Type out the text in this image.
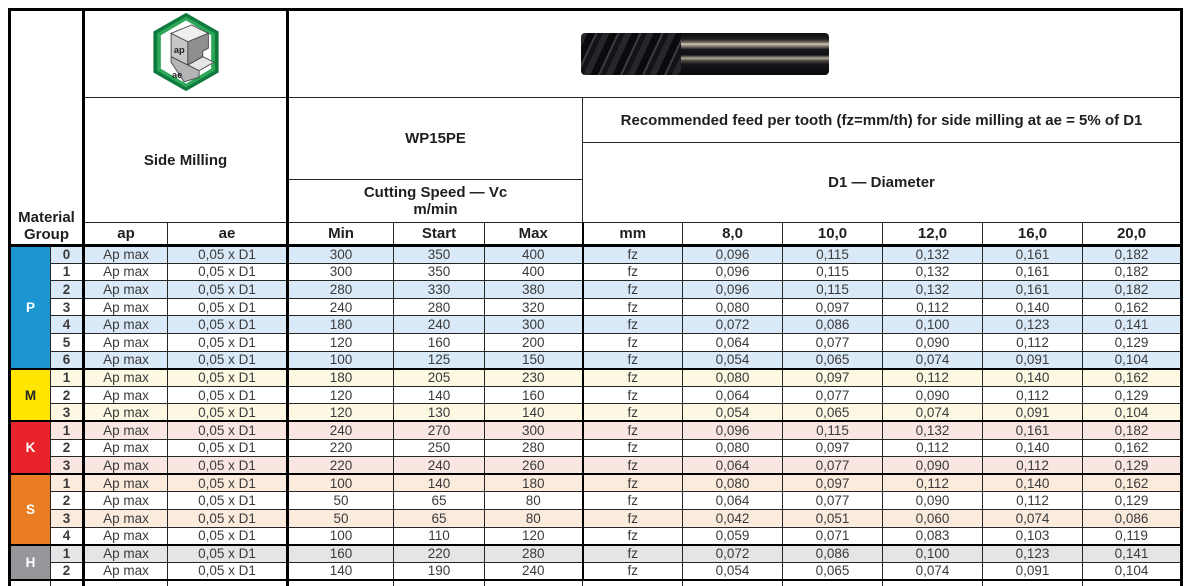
Material
Group

ap
ae

		Side Milling		WP15PE			Recommended feed per tooth (fz=mm/th) for side milling at ae = 5% of D1					
							D1 — Diameter					

				Cutting Speed — Vc
m/min								

		ap	ae	Min	Start	Max	mm	8,0	10,0	12,0	16,0	20,0
P	0	Ap max	0,05 x D1	300	350	400	fz	0,096	0,115	0,132	0,161	0,182
	1	Ap max	0,05 x D1	300	350	400	fz	0,096	0,115	0,132	0,161	0,182
	2	Ap max	0,05 x D1	280	330	380	fz	0,096	0,115	0,132	0,161	0,182
	3	Ap max	0,05 x D1	240	280	320	fz	0,080	0,097	0,112	0,140	0,162
	4	Ap max	0,05 x D1	180	240	300	fz	0,072	0,086	0,100	0,123	0,141
	5	Ap max	0,05 x D1	120	160	200	fz	0,064	0,077	0,090	0,112	0,129
	6	Ap max	0,05 x D1	100	125	150	fz	0,054	0,065	0,074	0,091	0,104
M	1	Ap max	0,05 x D1	180	205	230	fz	0,080	0,097	0,112	0,140	0,162
	2	Ap max	0,05 x D1	120	140	160	fz	0,064	0,077	0,090	0,112	0,129
	3	Ap max	0,05 x D1	120	130	140	fz	0,054	0,065	0,074	0,091	0,104
K	1	Ap max	0,05 x D1	240	270	300	fz	0,096	0,115	0,132	0,161	0,182
	2	Ap max	0,05 x D1	220	250	280	fz	0,080	0,097	0,112	0,140	0,162
	3	Ap max	0,05 x D1	220	240	260	fz	0,064	0,077	0,090	0,112	0,129
S	1	Ap max	0,05 x D1	100	140	180	fz	0,080	0,097	0,112	0,140	0,162
	2	Ap max	0,05 x D1	50	65	80	fz	0,064	0,077	0,090	0,112	0,129
	3	Ap max	0,05 x D1	50	65	80	fz	0,042	0,051	0,060	0,074	0,086
	4	Ap max	0,05 x D1	100	110	120	fz	0,059	0,071	0,083	0,103	0,119
H	1	Ap max	0,05 x D1	160	220	280	fz	0,072	0,086	0,100	0,123	0,141
	2	Ap max	0,05 x D1	140	190	240	fz	0,054	0,065	0,074	0,091	0,104
